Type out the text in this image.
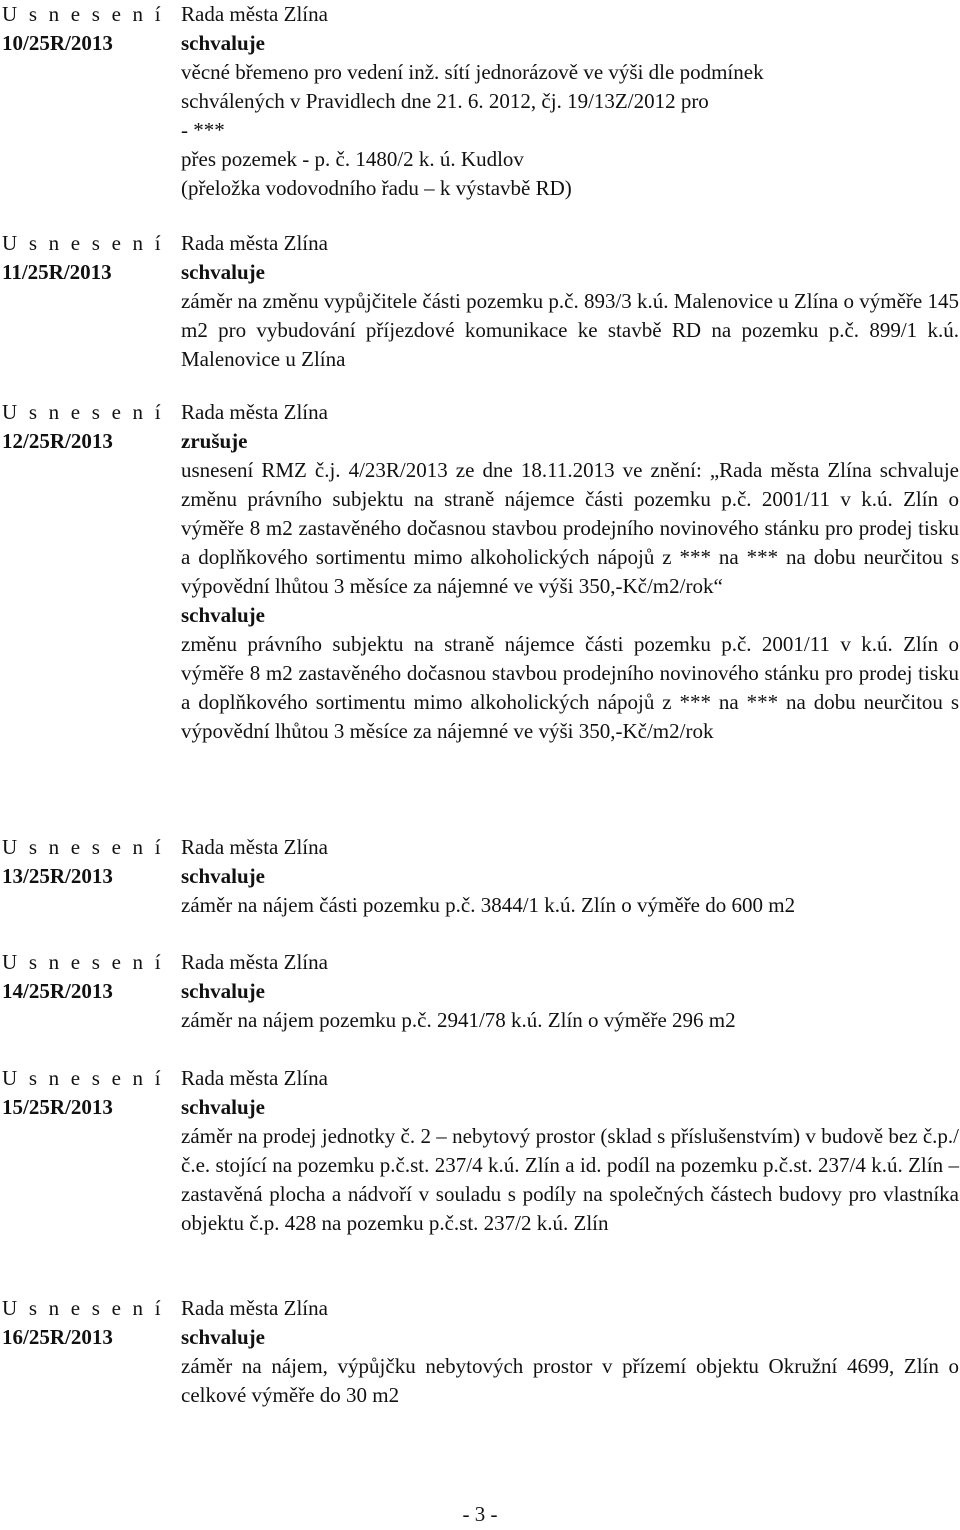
U s n e s e n í
10/25R/2013
Rada města Zlína
schvaluje
věcné břemeno pro vedení inž. sítí jednorázově ve výši dle podmínek
schválených v Pravidlech dne 21. 6. 2012, čj. 19/13Z/2012 pro
- ***
přes pozemek - p. č. 1480/2 k. ú. Kudlov
(přeložka vodovodního řadu – k výstavbě RD)
U s n e s e n í
11/25R/2013
Rada města Zlína
schvaluje
záměr na změnu vypůjčitele části pozemku p.č. 893/3 k.ú. Malenovice u Zlína o výměře 145 m2 pro vybudování příjezdové komunikace ke stavbě RD na pozemku p.č. 899/1 k.ú. Malenovice u Zlína
U s n e s e n í
12/25R/2013
Rada města Zlína
zrušuje
usnesení RMZ č.j. 4/23R/2013 ze dne 18.11.2013 ve znění: „Rada města Zlína schvaluje změnu právního subjektu na straně nájemce části pozemku p.č. 2001/11 v k.ú. Zlín o výměře 8 m2 zastavěného dočasnou stavbou prodejního novinového stánku pro prodej tisku a doplňkového sortimentu mimo alkoholických nápojů z *** na *** na dobu neurčitou s výpovědní lhůtou 3 měsíce za nájemné ve výši 350,-Kč/m2/rok“
schvaluje
změnu právního subjektu na straně nájemce části pozemku p.č. 2001/11 v k.ú. Zlín o výměře 8 m2 zastavěného dočasnou stavbou prodejního novinového stánku pro prodej tisku a doplňkového sortimentu mimo alkoholických nápojů z *** na *** na dobu neurčitou s výpovědní lhůtou 3 měsíce za nájemné ve výši 350,-Kč/m2/rok
U s n e s e n í
13/25R/2013
Rada města Zlína
schvaluje
záměr na nájem části pozemku p.č. 3844/1 k.ú. Zlín o výměře do 600 m2
U s n e s e n í
14/25R/2013
Rada města Zlína
schvaluje
záměr na nájem pozemku p.č. 2941/78 k.ú. Zlín o výměře 296 m2
U s n e s e n í
15/25R/2013
Rada města Zlína
schvaluje
záměr na prodej jednotky č. 2 – nebytový prostor (sklad s příslušenstvím) v budově bez č.p./č.e. stojící na pozemku p.č.st. 237/4 k.ú. Zlín a id. podíl na pozemku p.č.st. 237/4 k.ú. Zlín – zastavěná plocha a nádvoří v souladu s podíly na společných částech budovy pro vlastníka objektu č.p. 428 na pozemku p.č.st. 237/2 k.ú. Zlín
U s n e s e n í
16/25R/2013
Rada města Zlína
schvaluje
záměr na nájem, výpůjčku nebytových prostor v přízemí objektu Okružní 4699, Zlín o celkové výměře do 30 m2
- 3 -
